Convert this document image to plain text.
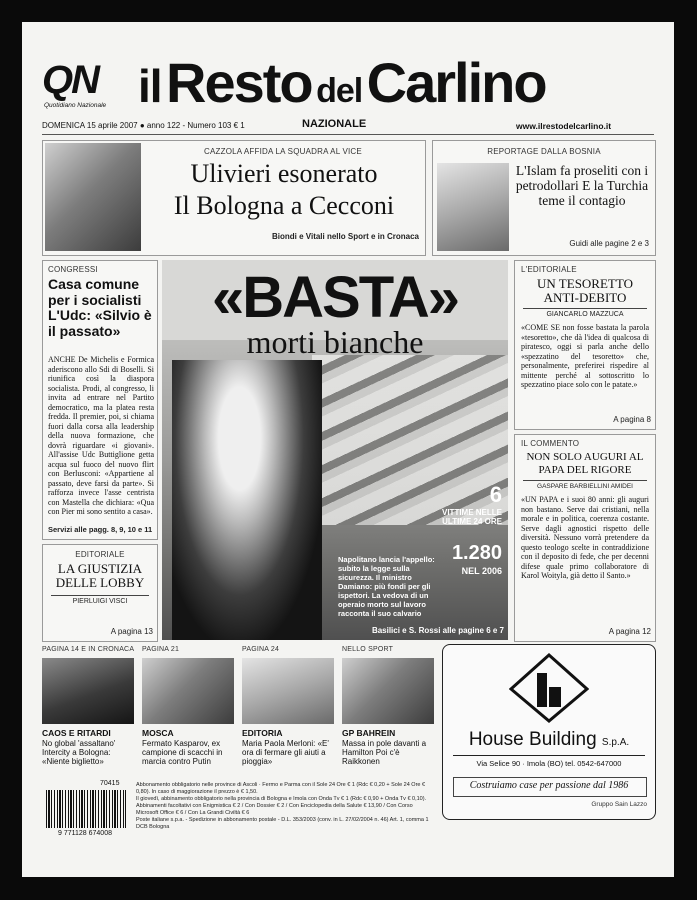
QN
Quotidiano Nazionale il Resto del Carlino
DOMENICA 15 aprile 2007 ● anno 122 - Numero 103 € 1	NAZIONALE	www.ilrestodelcarlino.it
CAZZOLA AFFIDA LA SQUADRA AL VICE
Ulivieri esonerato
Il Bologna a Cecconi
Biondi e Vitali nello Sport e in Cronaca
REPORTAGE DALLA BOSNIA
L'Islam fa proseliti con i petrodollari E la Turchia teme il contagio
Guidi alle pagine 2 e 3
CONGRESSI
Casa comune per i socialisti L'Udc: «Silvio è il passato»
ANCHE De Michelis e Formica aderiscono allo Sdi di Boselli. Si riunifica così la diaspora socialista. Prodi, al congresso, li invita ad entrare nel Partito democratico, ma la platea resta fredda. Il premier, poi, si chiama fuori dalla corsa alla leadership della nuova formazione, che dovrà riguardare «i giovani». All'assise Udc Buttiglione getta acqua sul fuoco del nuovo flirt con Berlusconi: «Appartiene al passato, deve farsi da parte». Si rafforza invece l'asse centrista con Mastella che dichiara: «Qua con Pier mi sono sentito a casa».
Servizi alle pagg. 8, 9, 10 e 11
EDITORIALE
LA GIUSTIZIA DELLE LOBBY
PIERLUIGI VISCI
A pagina 13
«BASTA»
morti bianche
6
VITTIME NELLE ULTIME 24 ORE
1.280
NEL 2006
Napolitano lancia l'appello: subito la legge sulla sicurezza. Il ministro Damiano: più fondi per gli ispettori. La vedova di un operaio morto sul lavoro racconta il suo calvario
Basilici e S. Rossi alle pagine 6 e 7
L'EDITORIALE
UN TESORETTO ANTI-DEBITO
GIANCARLO MAZZUCA
«COME SE non fosse bastata la parola «tesoretto», che dà l'idea di qualcosa di piratesco, oggi si parla anche dello «spezzatino del tesoretto» che, personalmente, preferirei rispedire al mittente perché al sottoscritto lo spezzatino piace solo con le patate.»
A pagina 8
IL COMMENTO
NON SOLO AUGURI AL PAPA DEL RIGORE
GASPARE BARBIELLINI AMIDEI
«UN PAPA e i suoi 80 anni: gli auguri non bastano. Serve dai cristiani, nella morale e in politica, coerenza costante. Serve dagli agnostici rispetto delle diversità. Nessuno vorrà pretendere da questo teologo scelte in contraddizione con il deposito di fede, che per decenni difese quale primo collaboratore di Karol Woityla, già detto il Santo.»
A pagina 12
PAGINA 14 E IN CRONACA
CAOS E RITARDI
No global 'assaltano' Intercity a Bologna: «Niente biglietto»
PAGINA 21
MOSCA
Fermato Kasparov, ex campione di scacchi in marcia contro Putin
PAGINA 24
EDITORIA
Maria Paola Merloni: «E' ora di fermare gli aiuti a pioggia»
NELLO SPORT
GP BAHREIN
Massa in pole davanti a Hamilton Poi c'è Raikkonen
House Building S.p.A.
Via Selice 90 · Imola (BO) tel. 0542-647000
Costruiamo case per passione dal 1986
Gruppo Sain Lazzo
70415
9 771128 674008
Abbonamento obbligatorio nelle province di Ascoli · Fermo e Parma con il Sole 24 Ore € 1 (Rdc € 0,20 + Sole 24 Ore € 0,80). In caso di maggiorazione il prezzo è € 1,50.
Il giovedì, abbinamento obbligatorio nella provincia di Bologna e Imola con Onda Tv € 1 (Rdc € 0,90 + Onda Tv € 0,10).
Abbinamenti facoltativi con Enigmistica € 2 / Con Dossier € 2 / Con Enciclopedia della Salute € 13,90 / Con Corso Microsoft Office € 6 / Con La Grandi Civiltà € 6
Poste italiane s.p.a. - Spedizione in abbonamento postale - D.L. 353/2003 (conv. in L. 27/02/2004 n. 46) Art. 1, comma 1 DCB Bologna
